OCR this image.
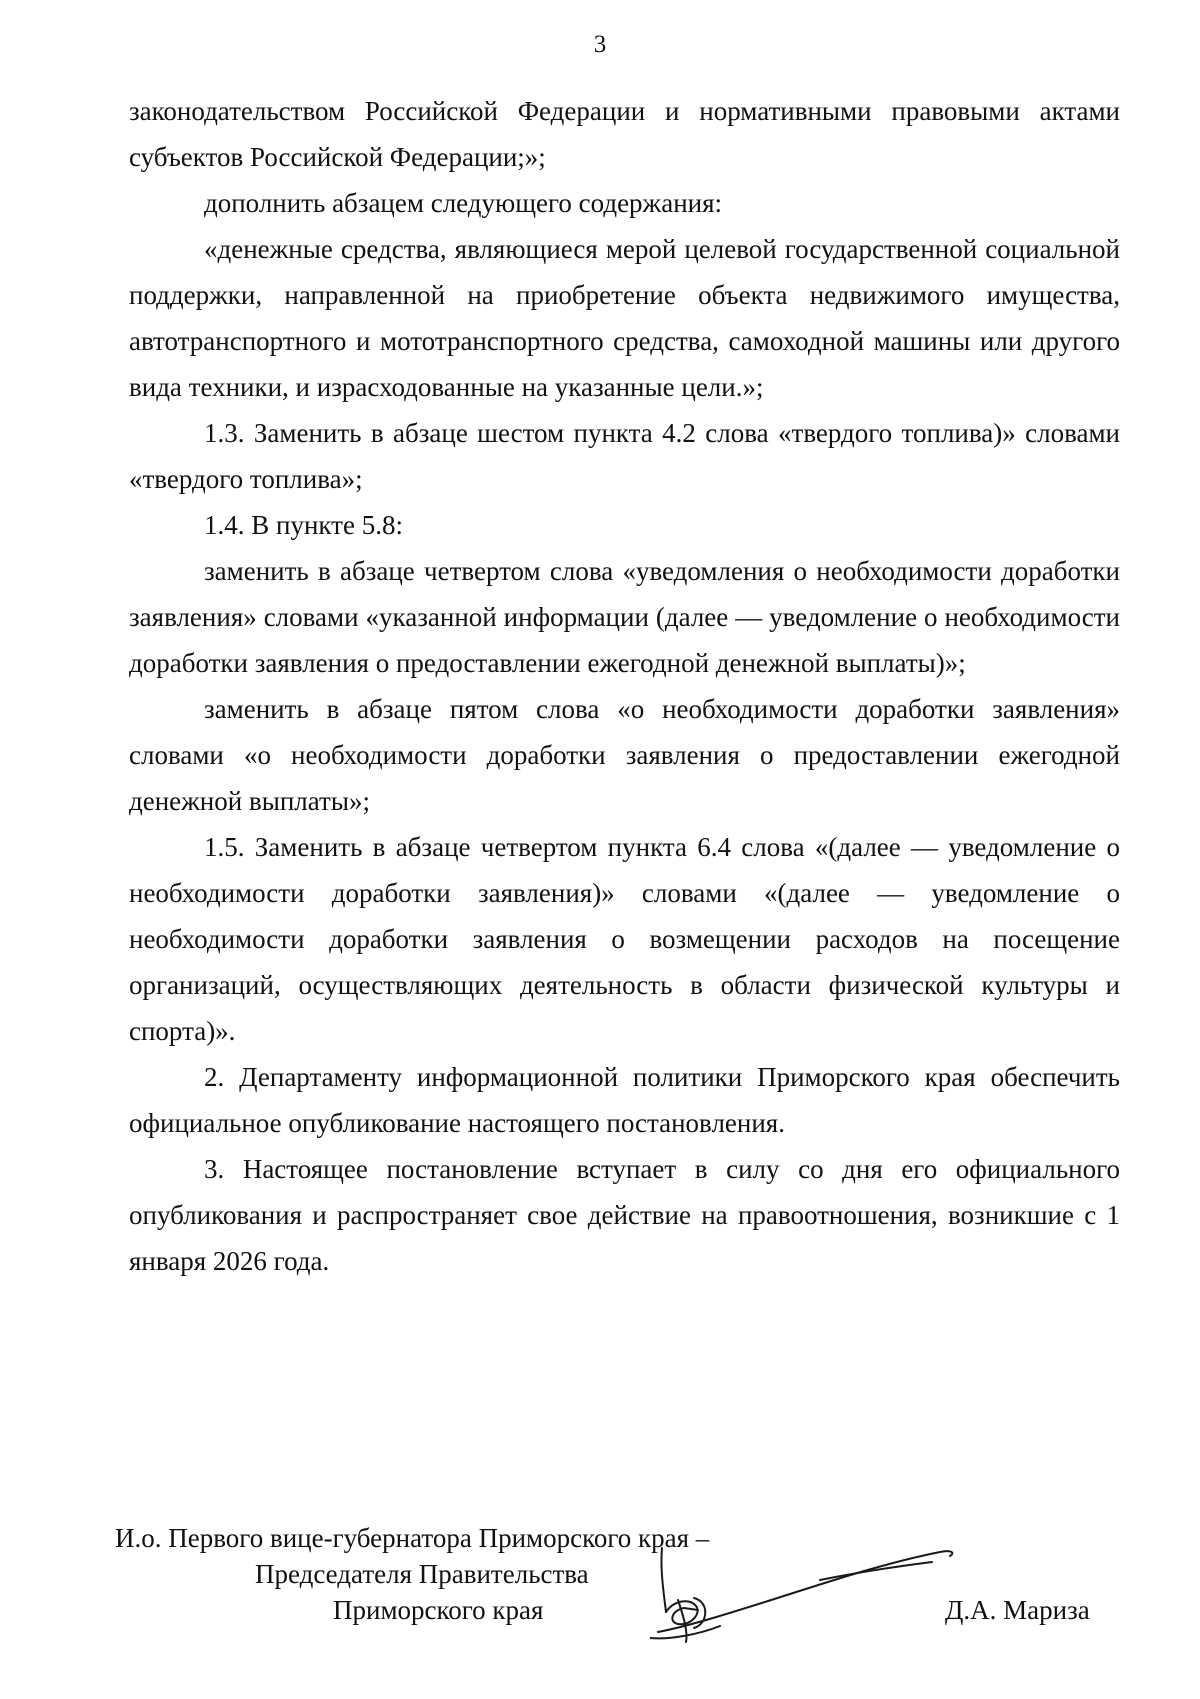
3

законодательством Российской Федерации и нормативными правовыми актами субъектов Российской Федерации;»;

дополнить абзацем следующего содержания:

«денежные средства, являющиеся мерой целевой государственной социальной поддержки, направленной на приобретение объекта недвижимого имущества, автотранспортного и мототранспортного средства, самоходной машины или другого вида техники, и израсходованные на указанные цели.»;

1.3. Заменить в абзаце шестом пункта 4.2 слова «твердого топлива)» словами «твердого топлива»;

1.4. В пункте 5.8:

заменить в абзаце четвертом слова «уведомления о необходимости доработки заявления» словами «указанной информации (далее — уведомление о необходимости доработки заявления о предоставлении ежегодной денежной выплаты)»;

заменить в абзаце пятом слова «о необходимости доработки заявления» словами «о необходимости доработки заявления о предоставлении ежегодной денежной выплаты»;

1.5. Заменить в абзаце четвертом пункта 6.4 слова «(далее — уведомление о необходимости доработки заявления)» словами «(далее — уведомление о необходимости доработки заявления о возмещении расходов на посещение организаций, осуществляющих деятельность в области физической культуры и спорта)».

2. Департаменту информационной политики Приморского края обеспечить официальное опубликование настоящего постановления.

3. Настоящее постановление вступает в силу со дня его официального опубликования и распространяет свое действие на правоотношения, возникшие с 1 января 2026 года.

И.о. Первого вице-губернатора Приморского края –
Председателя Правительства
Приморского края	Д.А. Мариза
